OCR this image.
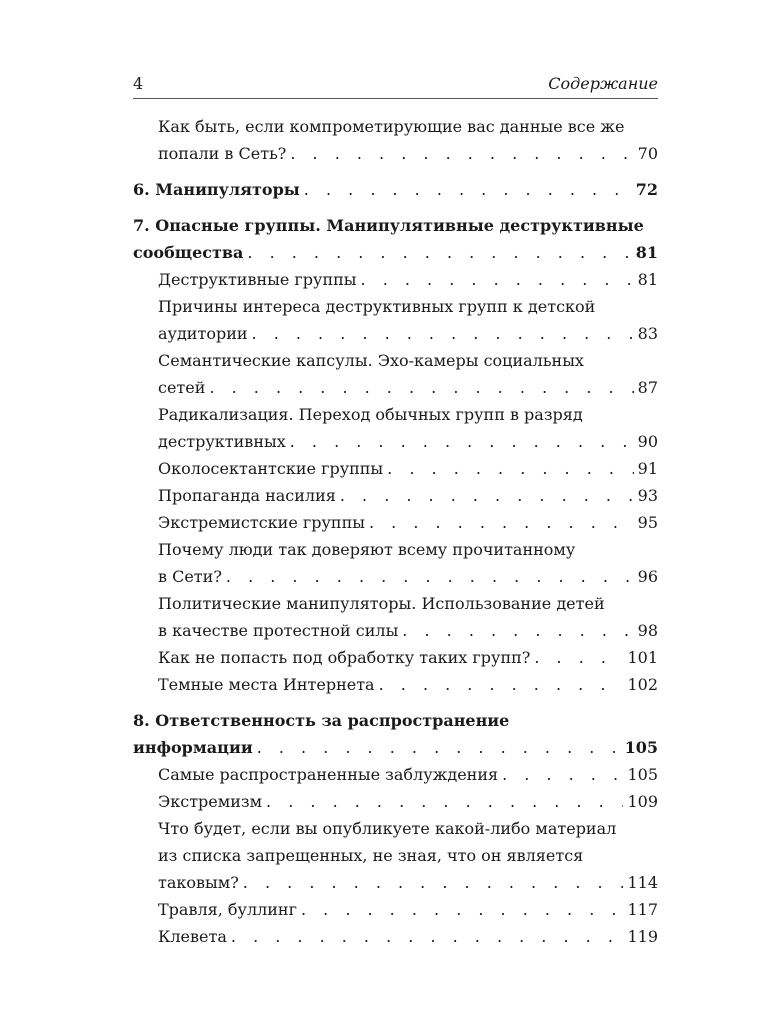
4	Содержание
Как быть, если компрометирующие вас данные все же
попали в Сеть? . . .	70
6. Манипуляторы . . .	72
7. Опасные группы. Манипулятивные деструктивные
сообщества . . .	81
Деструктивные группы . . .	81
Причины интереса деструктивных групп к детской
аудитории . . .	83
Семантические капсулы. Эхо-камеры социальных
сетей . . .	87
Радикализация. Переход обычных групп в разряд
деструктивных . . .	90
Околосектантские группы . . .	91
Пропаганда насилия . . .	93
Экстремистские группы . . .	95
Почему люди так доверяют всему прочитанному
в Сети? . . .	96
Политические манипуляторы. Использование детей
в качестве протестной силы . . .	98
Как не попасть под обработку таких групп? . . .	101
Темные места Интернета . . .	102
8. Ответственность за распространение
информации . . .	105
Самые распространенные заблуждения . . .	105
Экстремизм . . .	109
Что будет, если вы опубликуете какой-либо материал
из списка запрещенных, не зная, что он является
таковым? . . .	114
Травля, буллинг . . .	117
Клевета . . .	119
